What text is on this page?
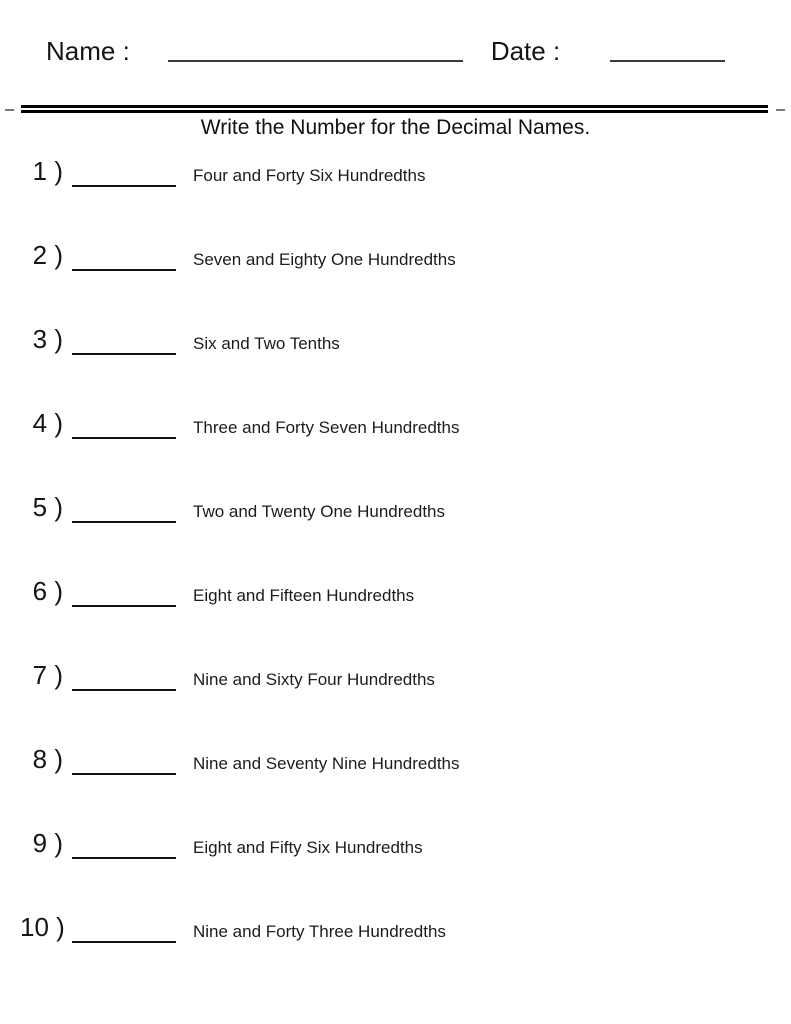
Name :	Date :
Write the Number for the Decimal Names.
1 )	Four and Forty Six Hundredths
2 )	Seven and Eighty One Hundredths
3 )	Six and Two Tenths
4 )	Three and Forty Seven Hundredths
5 )	Two and Twenty One Hundredths
6 )	Eight and Fifteen Hundredths
7 )	Nine and Sixty Four Hundredths
8 )	Nine and Seventy Nine Hundredths
9 )	Eight and Fifty Six Hundredths
10 )	Nine and Forty Three Hundredths
